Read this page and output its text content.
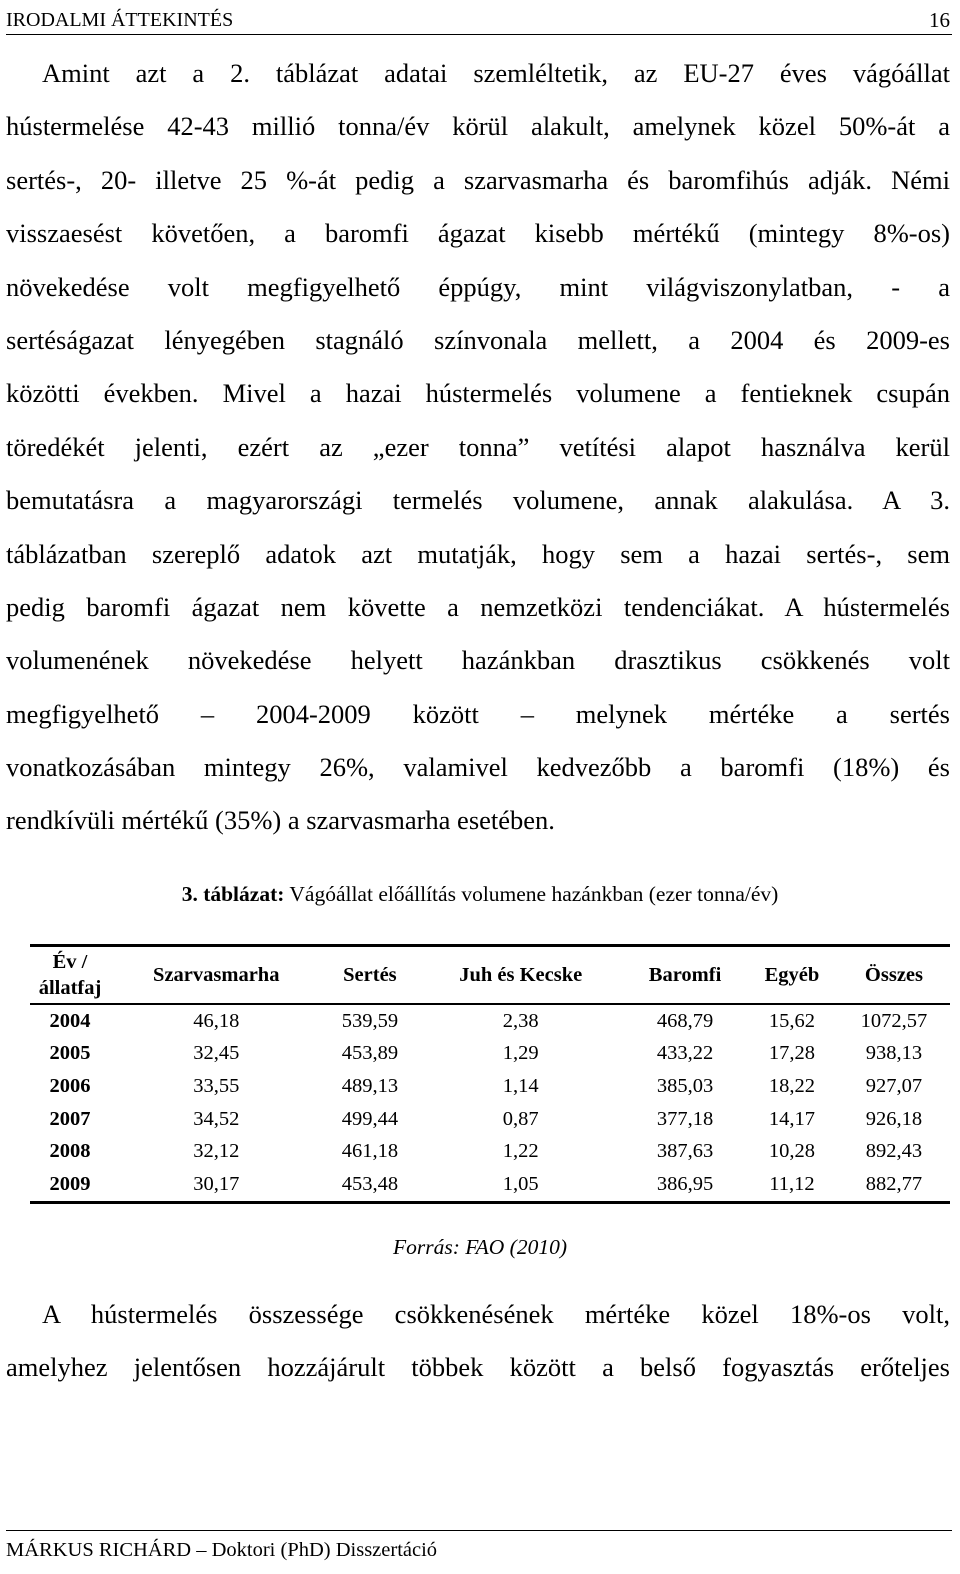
IRODALMI ÁTTEKINTÉS	16
Amint azt a 2. táblázat adatai szemléltetik, az EU-27 éves vágóállat
hústermelése 42-43 millió tonna/év körül alakult, amelynek közel 50%-át a
sertés-, 20- illetve 25 %-át pedig a szarvasmarha és baromfihús adják. Némi
visszaesést követően, a baromfi ágazat kisebb mértékű (mintegy 8%-os)
növekedése volt megfigyelhető éppúgy, mint világviszonylatban, - a
sertéságazat lényegében stagnáló színvonala mellett, a 2004 és 2009-es
közötti években. Mivel a hazai hústermelés volumene a fentieknek csupán
töredékét jelenti, ezért az „ezer tonna” vetítési alapot használva kerül
bemutatásra a magyarországi termelés volumene, annak alakulása. A 3.
táblázatban szereplő adatok azt mutatják, hogy sem a hazai sertés-, sem
pedig baromfi ágazat nem követte a nemzetközi tendenciákat. A hústermelés
volumenének növekedése helyett hazánkban drasztikus csökkenés volt
megfigyelhető – 2004-2009 között – melynek mértéke a sertés
vonatkozásában mintegy 26%, valamivel kedvezőbb a baromfi (18%) és
rendkívüli mértékű (35%) a szarvasmarha esetében.
3. táblázat: Vágóállat előállítás volumene hazánkban (ezer tonna/év)
Év / állatfaj	Szarvasmarha	Sertés	Juh és Kecske	Baromfi	Egyéb	Összes
2004	46,18	539,59	2,38	468,79	15,62	1072,57
2005	32,45	453,89	1,29	433,22	17,28	938,13
2006	33,55	489,13	1,14	385,03	18,22	927,07
2007	34,52	499,44	0,87	377,18	14,17	926,18
2008	32,12	461,18	1,22	387,63	10,28	892,43
2009	30,17	453,48	1,05	386,95	11,12	882,77
Forrás: FAO (2010)
A hústermelés összessége csökkenésének mértéke közel 18%-os volt,
amelyhez jelentősen hozzájárult többek között a belső fogyasztás erőteljes
MÁRKUS RICHÁRD – Doktori (PhD) Disszertáció
